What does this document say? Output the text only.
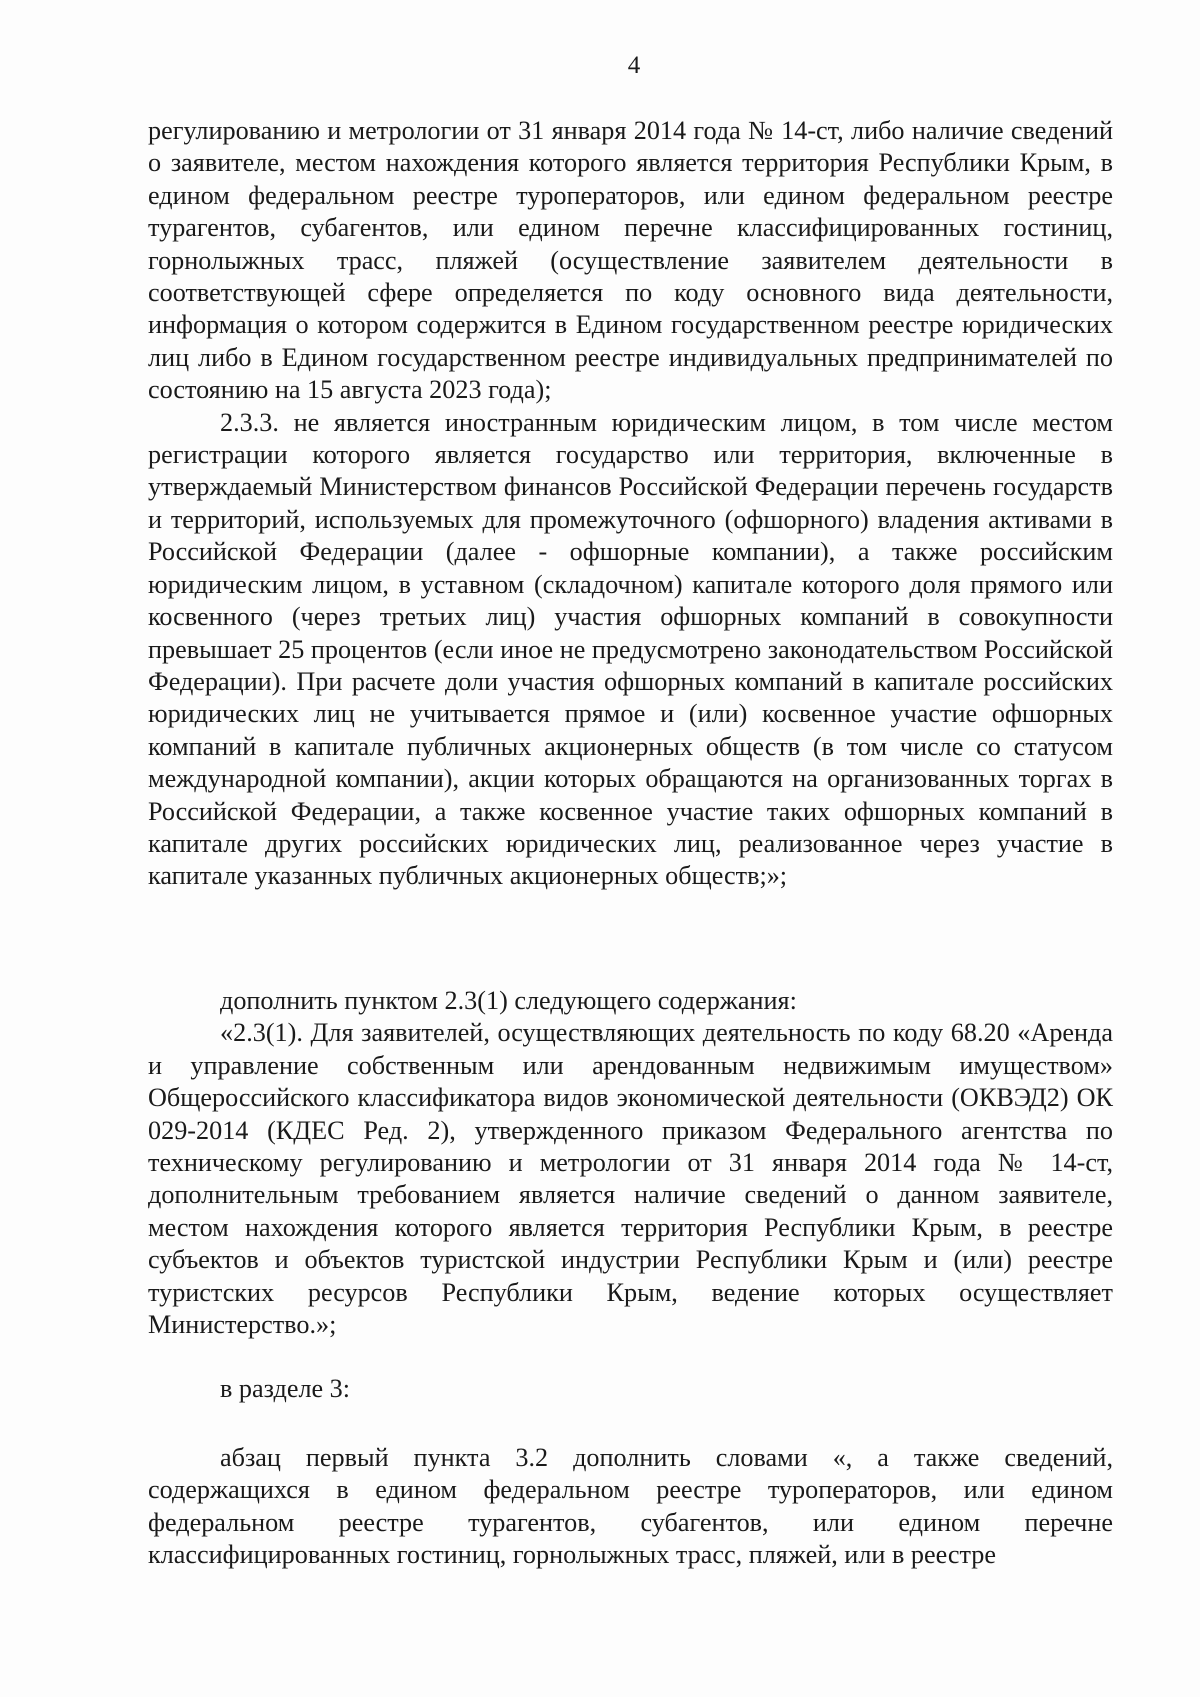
4

регулированию и метрологии от 31 января 2014 года № 14-ст, либо наличие сведений о заявителе, местом нахождения которого является территория Республики Крым, в едином федеральном реестре туроператоров, или едином федеральном реестре турагентов, субагентов, или едином перечне классифицированных гостиниц, горнолыжных трасс, пляжей (осуществление заявителем деятельности в соответствующей сфере определяется по коду основного вида деятельности, информация о котором содержится в Едином государственном реестре юридических лиц либо в Едином государственном реестре индивидуальных предпринимателей по состоянию на 15 августа 2023 года);

2.3.3. не является иностранным юридическим лицом, в том числе местом регистрации которого является государство или территория, включенные в утверждаемый Министерством финансов Российской Федерации перечень государств и территорий, используемых для промежуточного (офшорного) владения активами в Российской Федерации (далее - офшорные компании), а также российским юридическим лицом, в уставном (складочном) капитале которого доля прямого или косвенного (через третьих лиц) участия офшорных компаний в совокупности превышает 25 процентов (если иное не предусмотрено законодательством Российской Федерации). При расчете доли участия офшорных компаний в капитале российских юридических лиц не учитывается прямое и (или) косвенное участие офшорных компаний в капитале публичных акционерных обществ (в том числе со статусом международной компании), акции которых обращаются на организованных торгах в Российской Федерации, а также косвенное участие таких офшорных компаний в капитале других российских юридических лиц, реализованное через участие в капитале указанных публичных акционерных обществ;»;

дополнить пунктом 2.3(1) следующего содержания:

«2.3(1). Для заявителей, осуществляющих деятельность по коду 68.20 «Аренда и управление собственным или арендованным недвижимым имуществом» Общероссийского классификатора видов экономической деятельности (ОКВЭД2) ОК 029-2014 (КДЕС Ред. 2), утвержденного приказом Федерального агентства по техническому регулированию и метрологии от 31 января 2014 года № 14-ст, дополнительным требованием является наличие сведений о данном заявителе, местом нахождения которого является территория Республики Крым, в реестре субъектов и объектов туристской индустрии Республики Крым и (или) реестре туристских ресурсов Республики Крым, ведение которых осуществляет Министерство.»;

в разделе 3:

абзац первый пункта 3.2 дополнить словами «, а также сведений, содержащихся в едином федеральном реестре туроператоров, или едином федеральном реестре турагентов, субагентов, или едином перечне классифицированных гостиниц, горнолыжных трасс, пляжей, или в реестре
